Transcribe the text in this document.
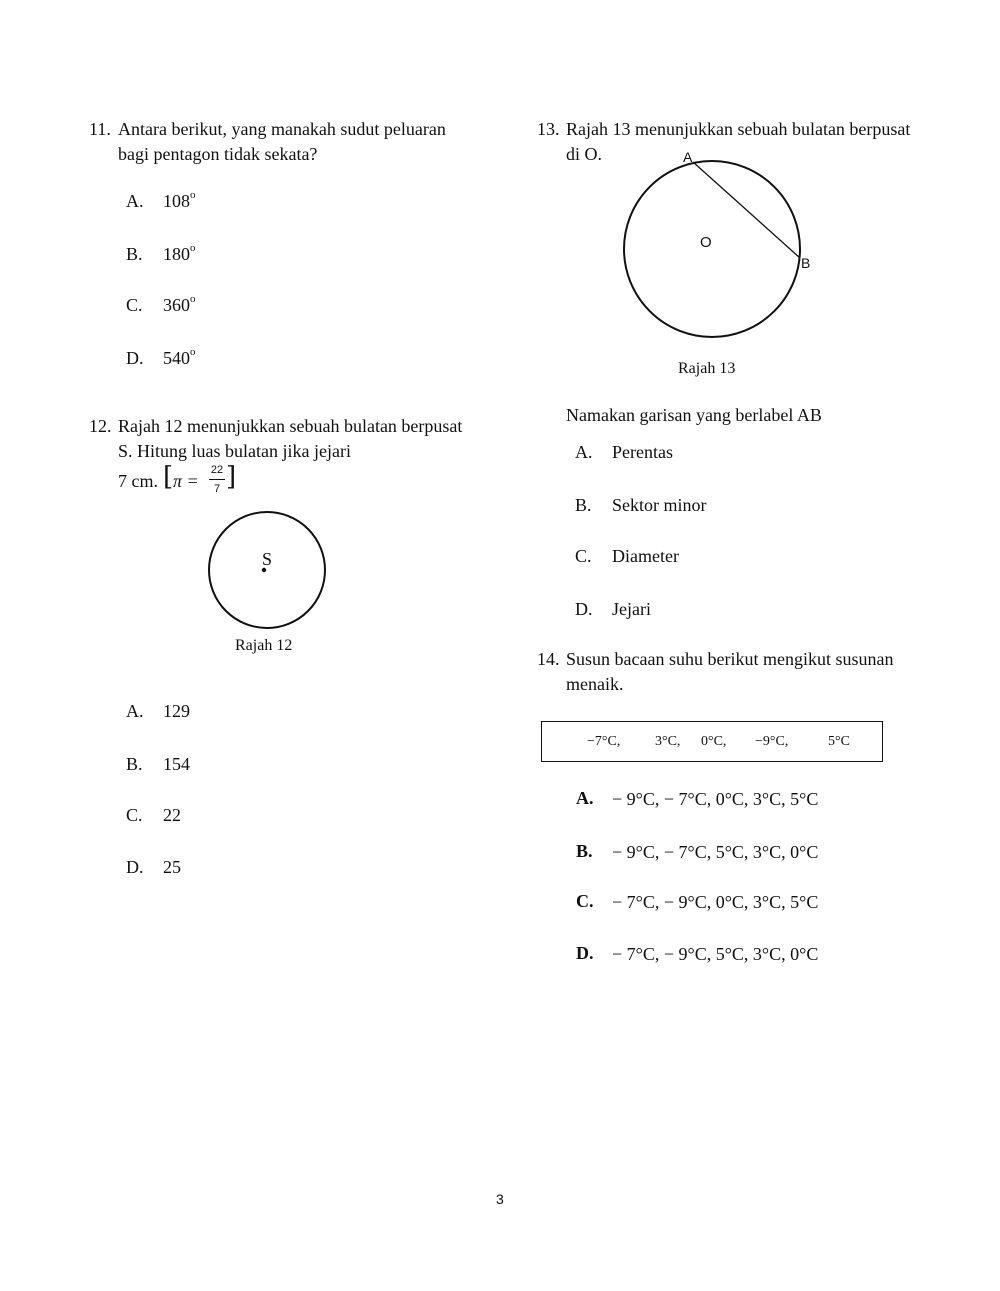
11. Antara berikut, yang manakah sudut peluaran
bagi pentagon tidak sekata?
A. 108$^o$
B. 180$^o$
C. 360$^o$
D. 540$^o$
12. Rajah 12 menunjukkan sebuah bulatan berpusat
S. Hitung luas bulatan jika jejari
7 cm. [ π =
22
7 ]
S
Rajah 12
A. 129
B. 154
C. 22
D. 25
13. Rajah 13 menunjukkan sebuah bulatan berpusat
di O.	A
B
O
Rajah 13
Namakan garisan yang berlabel AB
A. Perentas
B. Sektor minor
C. Diameter
D. Jejari
14. Susun bacaan suhu berikut mengikut susunan
menaik.
−7°C, 3°C, 0°C, −9°C,	5°C
A. − 9°C, − 7°C, 0°C, 3°C, 5°C
B. − 9°C, − 7°C, 5°C, 3°C, 0°C
C. − 7°C, − 9°C, 0°C, 3°C, 5°C
D. − 7°C, − 9°C, 5°C, 3°C, 0°C
3
